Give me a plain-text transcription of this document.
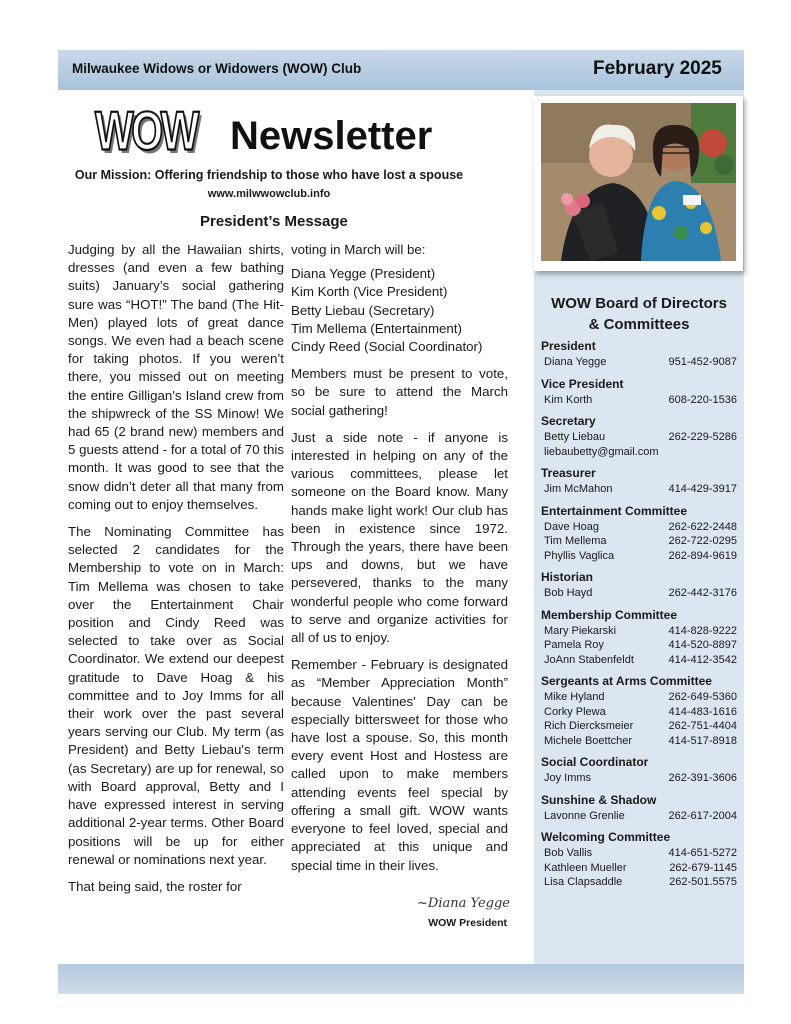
Milwaukee Widows or Widowers (WOW) Club	February 2025
WOW Newsletter
Our Mission: Offering friendship to those who have lost a spouse
www.milwwowclub.info
President’s Message

Judging by all the Hawaiian shirts, dresses (and even a few bathing suits) January’s social gathering sure was “HOT!” The band (The Hit-Men) played lots of great dance songs. We even had a beach scene for taking photos. If you weren’t there, you missed out on meeting the entire Gilligan's Island crew from the shipwreck of the SS Minow! We had 65 (2 brand new) members and 5 guests attend - for a total of 70 this month. It was good to see that the snow didn’t deter all that many from coming out to enjoy themselves.

The Nominating Committee has selected 2 candidates for the Membership to vote on in March: Tim Mellema was chosen to take over the Entertainment Chair position and Cindy Reed was selected to take over as Social Coordinator. We extend our deepest gratitude to Dave Hoag & his committee and to Joy Imms for all their work over the past several years serving our Club. My term (as President) and Betty Liebau's term (as Secretary) are up for renewal, so with Board approval, Betty and I have expressed interest in serving additional 2-year terms. Other Board positions will be up for either renewal or nominations next year.

That being said, the roster for

voting in March will be:
Diana Yegge (President)
Kim Korth (Vice President)
Betty Liebau (Secretary)
Tim Mellema (Entertainment)
Cindy Reed (Social Coordinator)

Members must be present to vote, so be sure to attend the March social gathering!

Just a side note - if anyone is interested in helping on any of the various committees, please let someone on the Board know. Many hands make light work! Our club has been in existence since 1972. Through the years, there have been ups and downs, but we have persevered, thanks to the many wonderful people who come forward to serve and organize activities for all of us to enjoy.

Remember - February is designated as “Member Appreciation Month” because Valentines' Day can be especially bittersweet for those who have lost a spouse. So, this month every event Host and Hostess are called upon to make members attending events feel special by offering a small gift. WOW wants everyone to feel loved, special and appreciated at this unique and special time in their lives.

~Diana Yegge
WOW President
WOW Board of Directors
& Committees
President
Diana Yegge	951-452-9087
Vice President
Kim Korth	608-220-1536
Secretary
Betty Liebau	262-229-5286
liebaubetty@gmail.com
Treasurer
Jim McMahon	414-429-3917
Entertainment Committee
Dave Hoag	262-622-2448
Tim Mellema	262-722-0295
Phyllis Vaglica	262-894-9619
Historian
Bob Hayd	262-442-3176
Membership Committee
Mary Piekarski	414-828-9222
Pamela Roy	414-520-8897
JoAnn Stabenfeldt	414-412-3542
Sergeants at Arms Committee
Mike Hyland	262-649-5360
Corky Plewa	414-483-1616
Rich Diercksmeier	262-751-4404
Michele Boettcher	414-517-8918
Social Coordinator
Joy Imms	262-391-3606
Sunshine & Shadow
Lavonne Grenlie	262-617-2004
Welcoming Committee
Bob Vallis	414-651-5272
Kathleen Mueller	262-679-1145
Lisa Clapsaddle	262-501.5575
